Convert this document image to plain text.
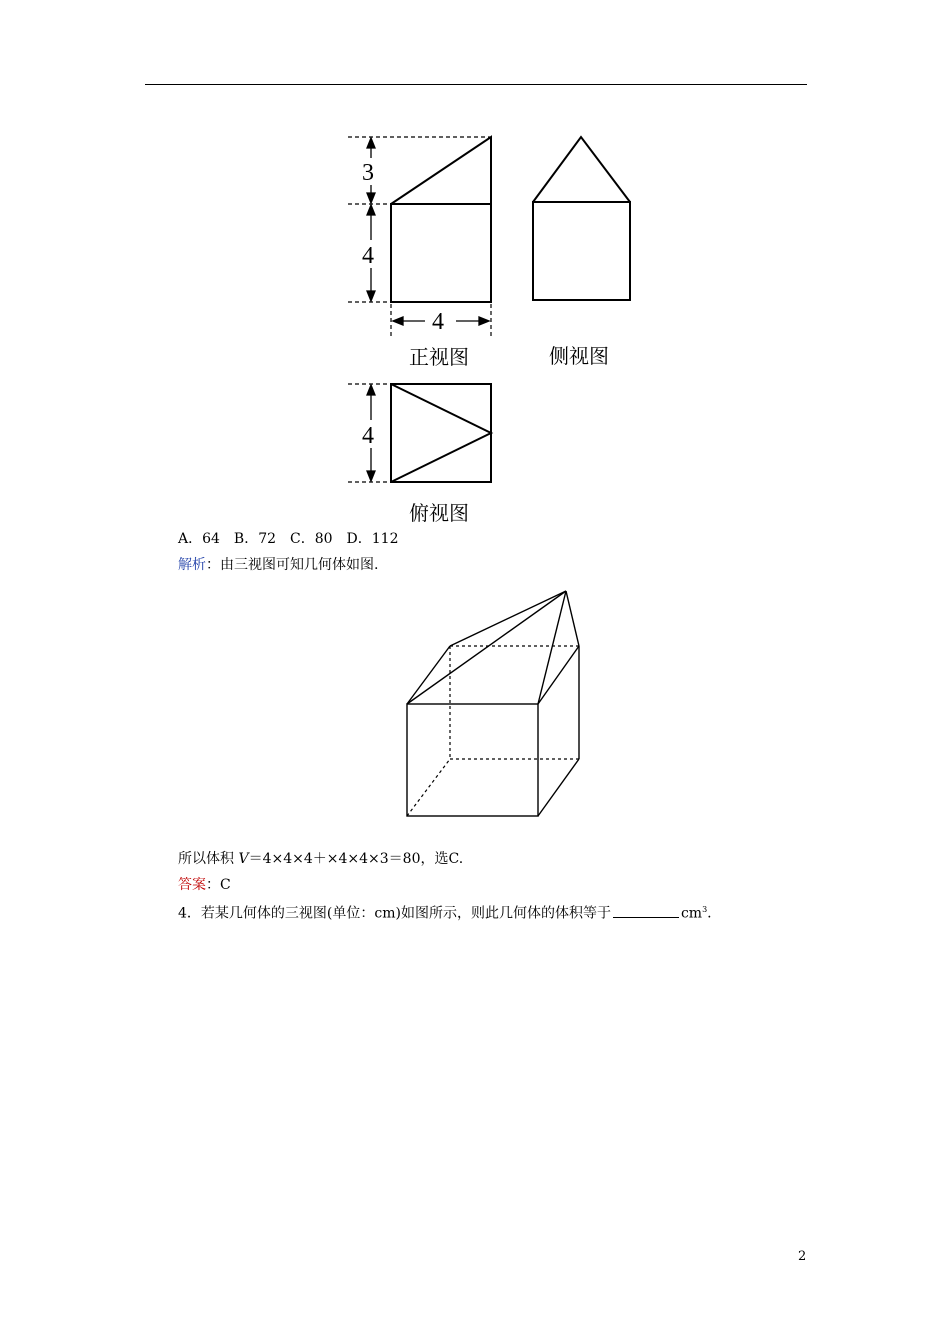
3
4
4
正视图	侧视图
4
俯视图
A．64　B．72　C．80　D．112
解析：由三视图可知几何体如图.
所以体积 V＝4×4×4＋×4×4×3＝80，选C.
答案：C
4．若某几何体的三视图(单位：cm)如图所示，则此几何体的体积等于	$cm^3$.
2
